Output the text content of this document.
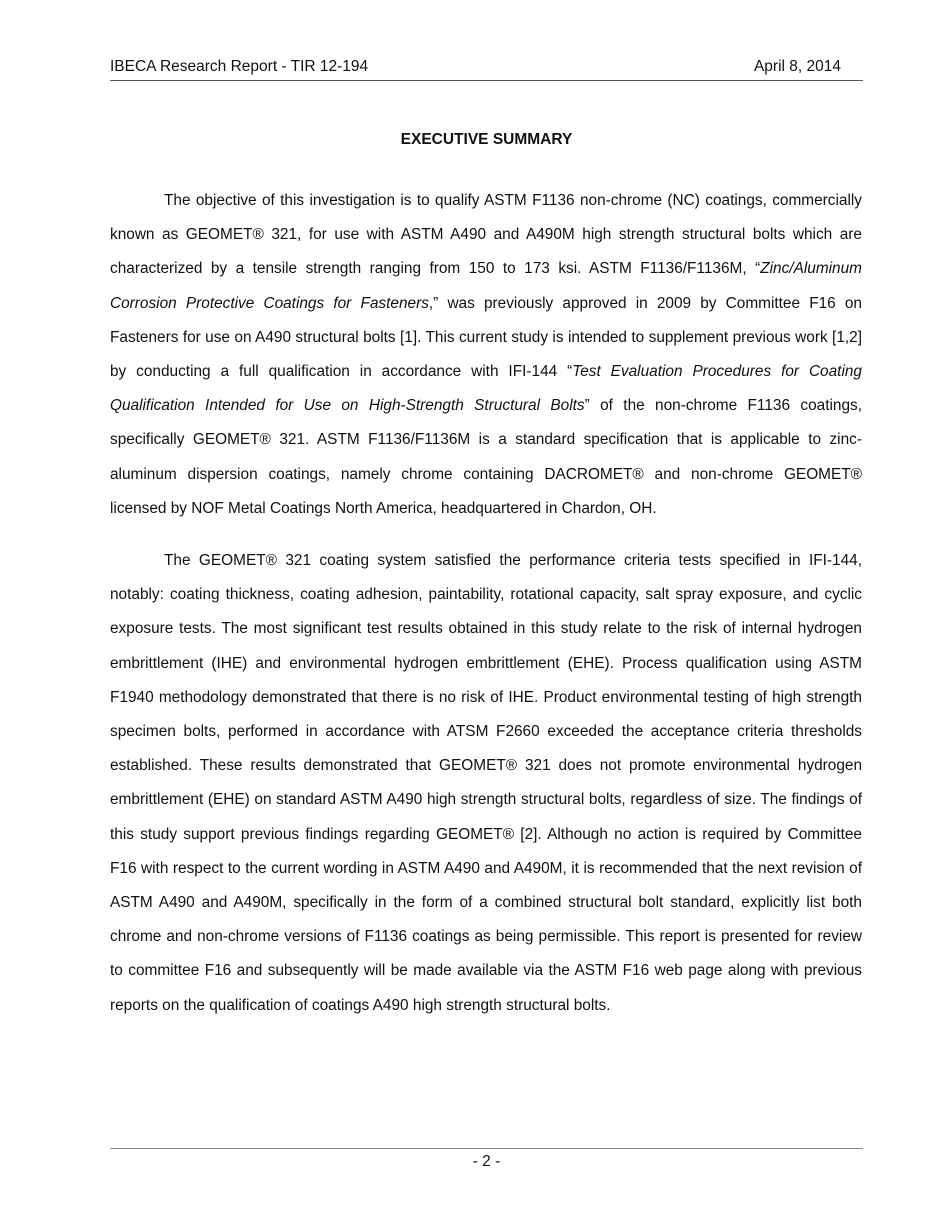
IBECA Research Report - TIR 12-194	April 8, 2014
EXECUTIVE SUMMARY

The objective of this investigation is to qualify ASTM F1136 non-chrome (NC) coatings, commercially known as GEOMET® 321, for use with ASTM A490 and A490M high strength structural bolts which are characterized by a tensile strength ranging from 150 to 173 ksi. ASTM F1136/F1136M, “Zinc/Aluminum Corrosion Protective Coatings for Fasteners,” was previously approved in 2009 by Committee F16 on Fasteners for use on A490 structural bolts [1]. This current study is intended to supplement previous work [1,2] by conducting a full qualification in accordance with IFI-144 “Test Evaluation Procedures for Coating Qualification Intended for Use on High-Strength Structural Bolts” of the non-chrome F1136 coatings, specifically GEOMET® 321. ASTM F1136/F1136M is a standard specification that is applicable to zinc-aluminum dispersion coatings, namely chrome containing DACROMET® and non-chrome GEOMET® licensed by NOF Metal Coatings North America, headquartered in Chardon, OH.

The GEOMET® 321 coating system satisfied the performance criteria tests specified in IFI-144, notably: coating thickness, coating adhesion, paintability, rotational capacity, salt spray exposure, and cyclic exposure tests. The most significant test results obtained in this study relate to the risk of internal hydrogen embrittlement (IHE) and environmental hydrogen embrittlement (EHE). Process qualification using ASTM F1940 methodology demonstrated that there is no risk of IHE. Product environmental testing of high strength specimen bolts, performed in accordance with ATSM F2660 exceeded the acceptance criteria thresholds established. These results demonstrated that GEOMET® 321 does not promote environmental hydrogen embrittlement (EHE) on standard ASTM A490 high strength structural bolts, regardless of size. The findings of this study support previous findings regarding GEOMET® [2]. Although no action is required by Committee F16 with respect to the current wording in ASTM A490 and A490M, it is recommended that the next revision of ASTM A490 and A490M, specifically in the form of a combined structural bolt standard, explicitly list both chrome and non-chrome versions of F1136 coatings as being permissible. This report is presented for review to committee F16 and subsequently will be made available via the ASTM F16 web page along with previous reports on the qualification of coatings A490 high strength structural bolts.

- 2 -
